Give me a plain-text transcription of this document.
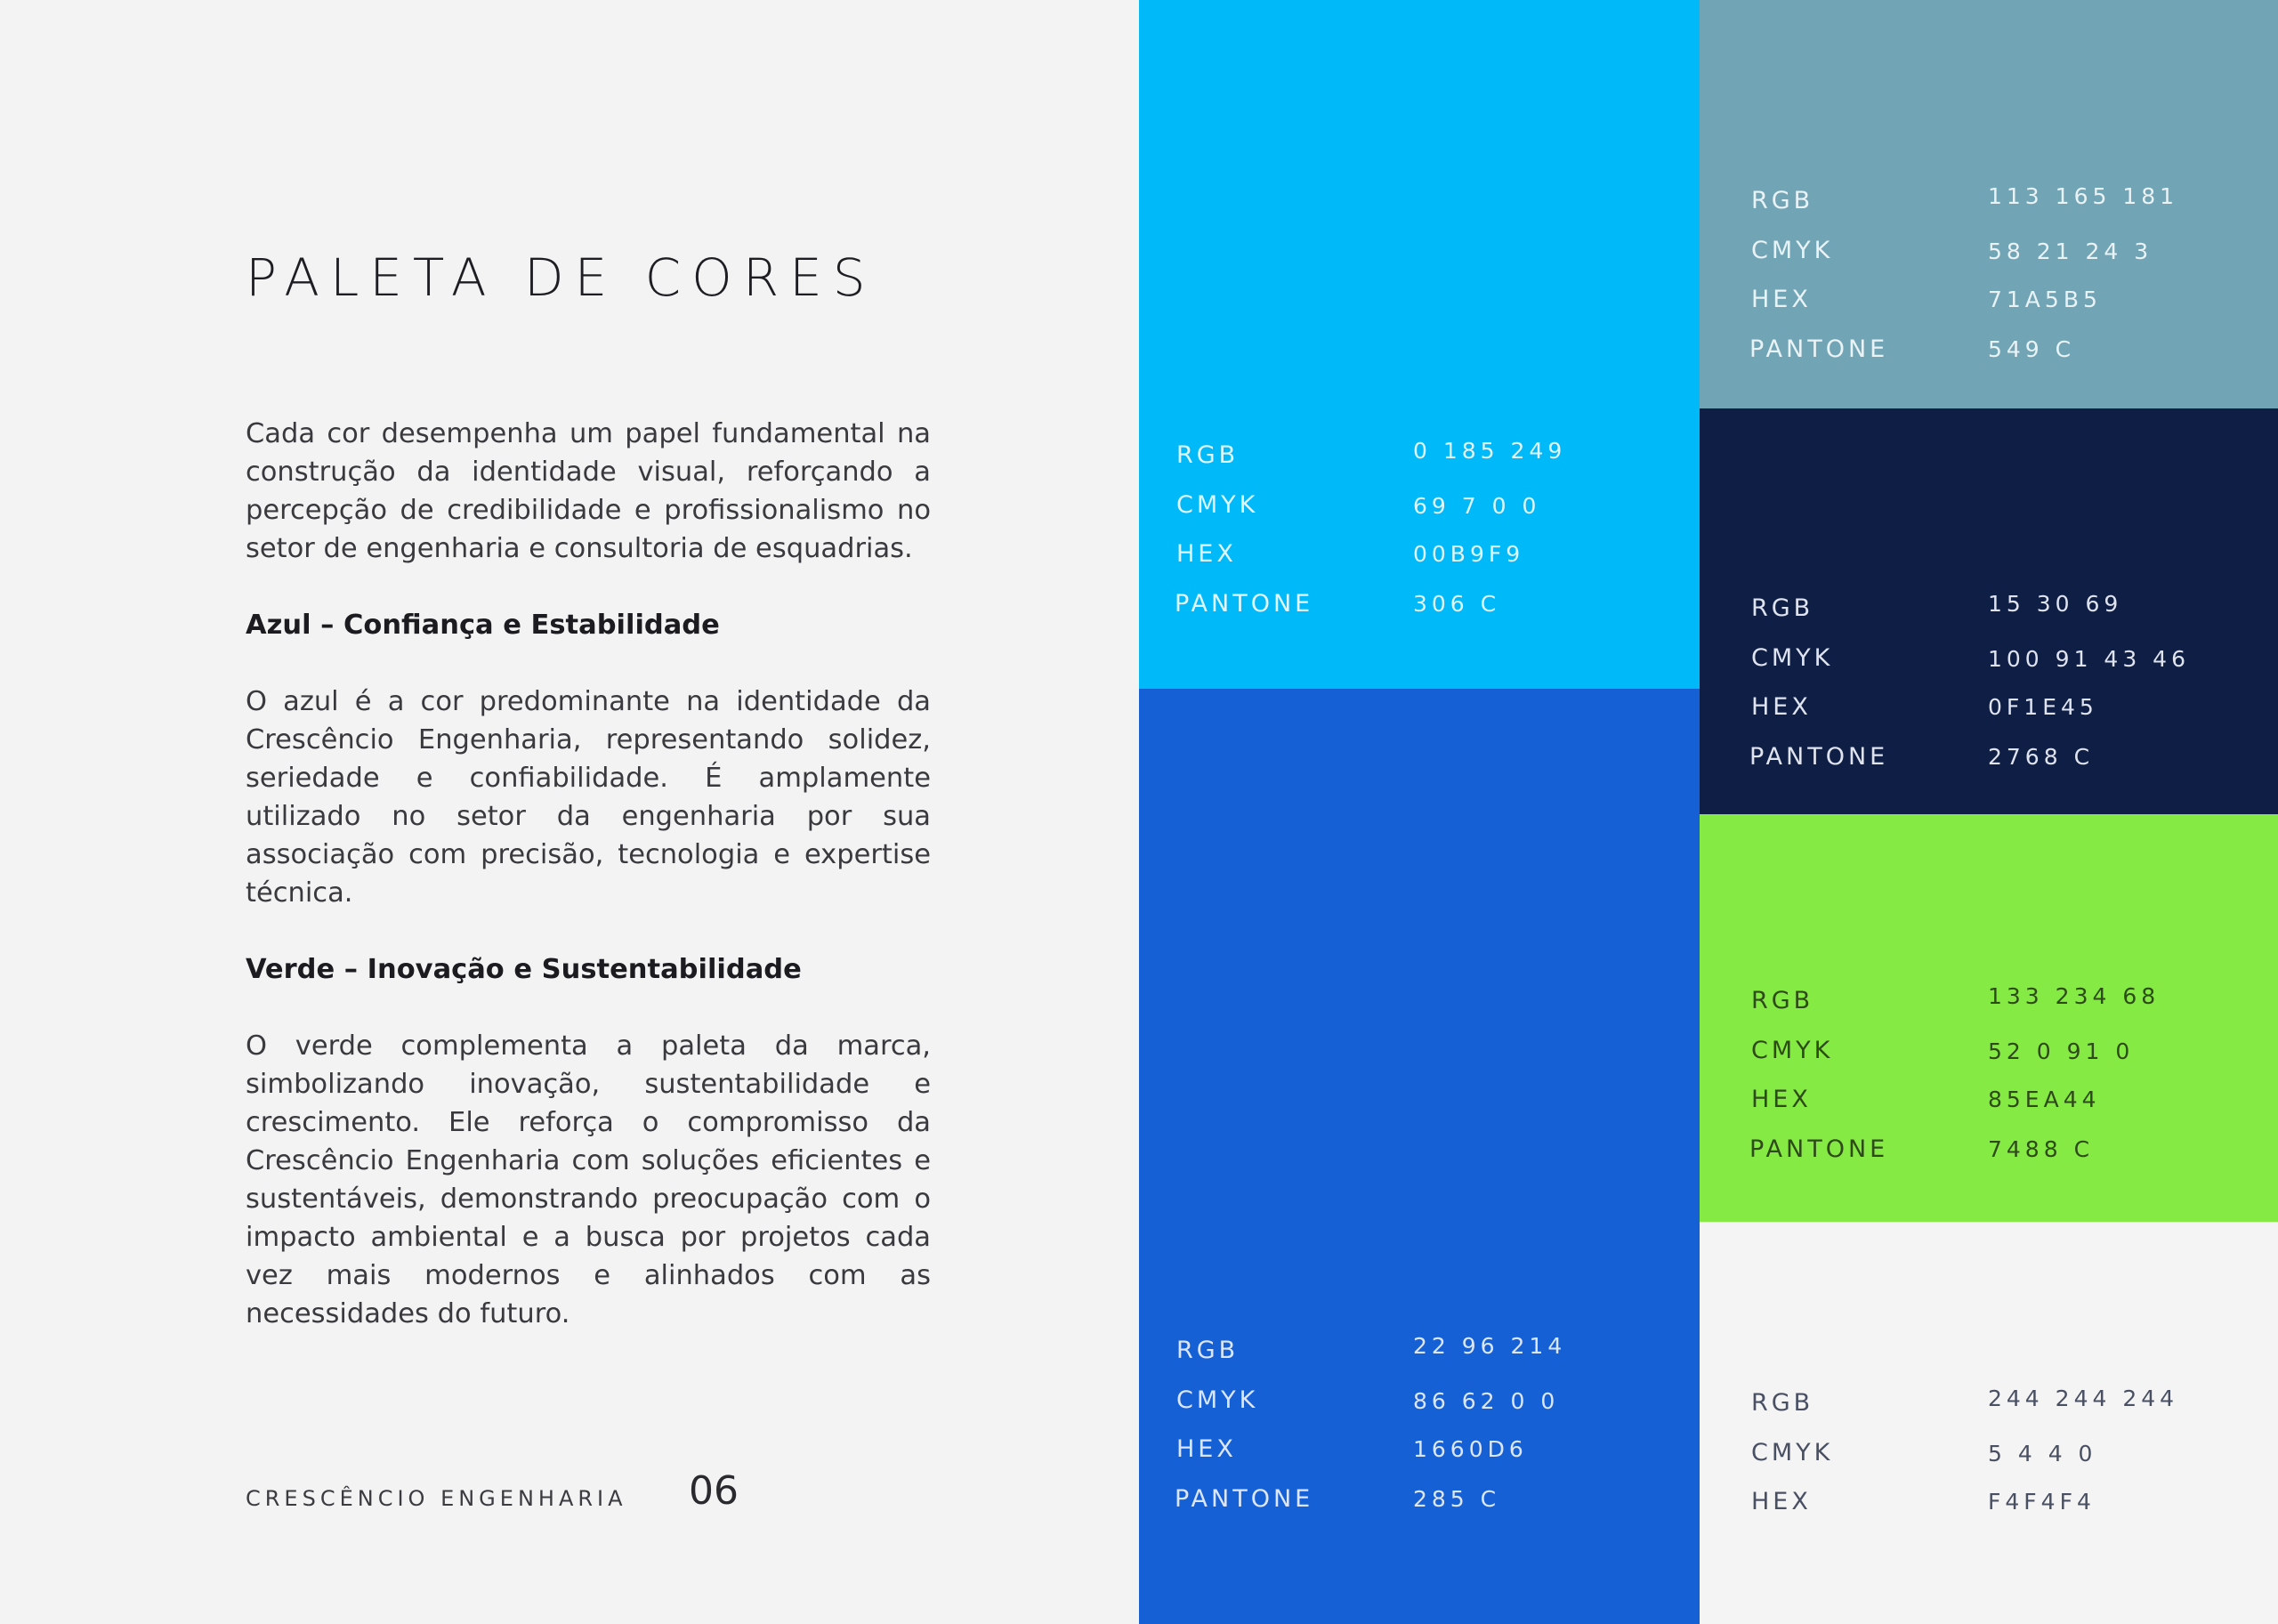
PALETA DE CORES

Cada cor desempenha um papel fundamental na construção da identidade visual, reforçando a percepção de credibilidade e profissionalismo no setor de engenharia e consultoria de esquadrias.

Azul – Confiança e Estabilidade

O azul é a cor predominante na identidade da Crescêncio Engenharia, representando solidez, seriedade e confiabilidade. É amplamente utilizado no setor da engenharia por sua associação com precisão, tecnologia e expertise técnica.

Verde – Inovação e Sustentabilidade

O verde complementa a paleta da marca, simbolizando inovação, sustentabilidade e crescimento. Ele reforça o compromisso da Crescêncio Engenharia com soluções eficientes e sustentáveis, demonstrando preocupação com o impacto ambiental e a busca por projetos cada vez mais modernos e alinhados com as necessidades do futuro.

CRESCÊNCIO ENGENHARIA 06
RGB	0 185 249
CMYK	69 7 0 0
HEX	00B9F9
PANTONE	306 C
RGB	22 96 214
CMYK	86 62 0 0
HEX	1660D6
PANTONE	285 C
RGB	113 165 181
CMYK	58 21 24 3
HEX	71A5B5
PANTONE	549 C
RGB	15 30 69
CMYK	100 91 43 46
HEX	0F1E45
PANTONE	2768 C
RGB	133 234 68
CMYK	52 0 91 0
HEX	85EA44
PANTONE	7488 C
RGB	244 244 244
CMYK	5 4 4 0
HEX	F4F4F4
